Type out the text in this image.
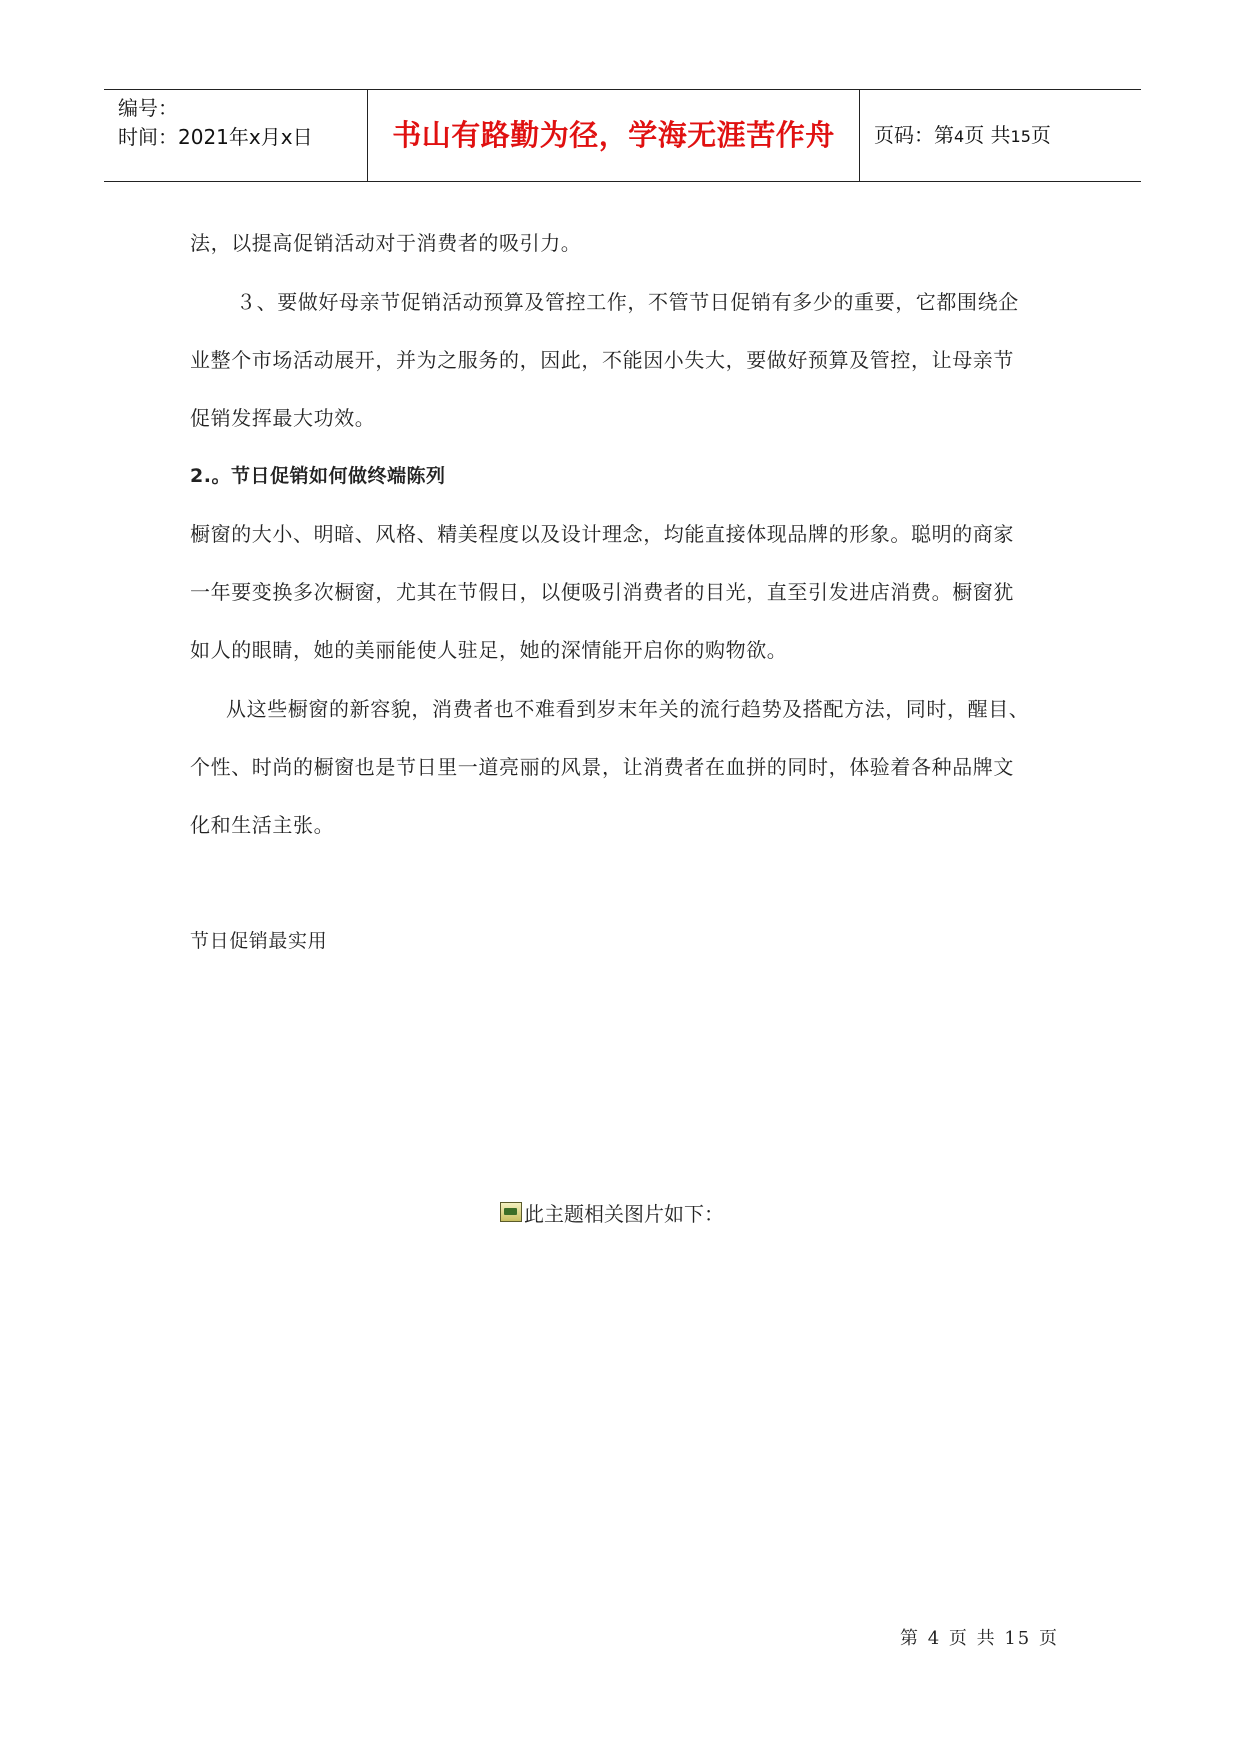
编号：
时间：2021年x月x日	书山有路勤为径，学海无涯苦作舟	页码：第4页 共15页
法，以提高促销活动对于消费者的吸引力。
３、要做好母亲节促销活动预算及管控工作，不管节日促销有多少的重要，它都围绕企
业整个市场活动展开，并为之服务的，因此，不能因小失大，要做好预算及管控，让母亲节
促销发挥最大功效。
2.。节日促销如何做终端陈列
橱窗的大小、明暗、风格、精美程度以及设计理念，均能直接体现品牌的形象。聪明的商家
一年要变换多次橱窗，尤其在节假日，以便吸引消费者的目光，直至引发进店消费。橱窗犹
如人的眼睛，她的美丽能使人驻足，她的深情能开启你的购物欲。
从这些橱窗的新容貌，消费者也不难看到岁末年关的流行趋势及搭配方法，同时，醒目、
个性、时尚的橱窗也是节日里一道亮丽的风景，让消费者在血拼的同时，体验着各种品牌文
化和生活主张。
节日促销最实用
此主题相关图片如下：
第 4 页 共 15 页
